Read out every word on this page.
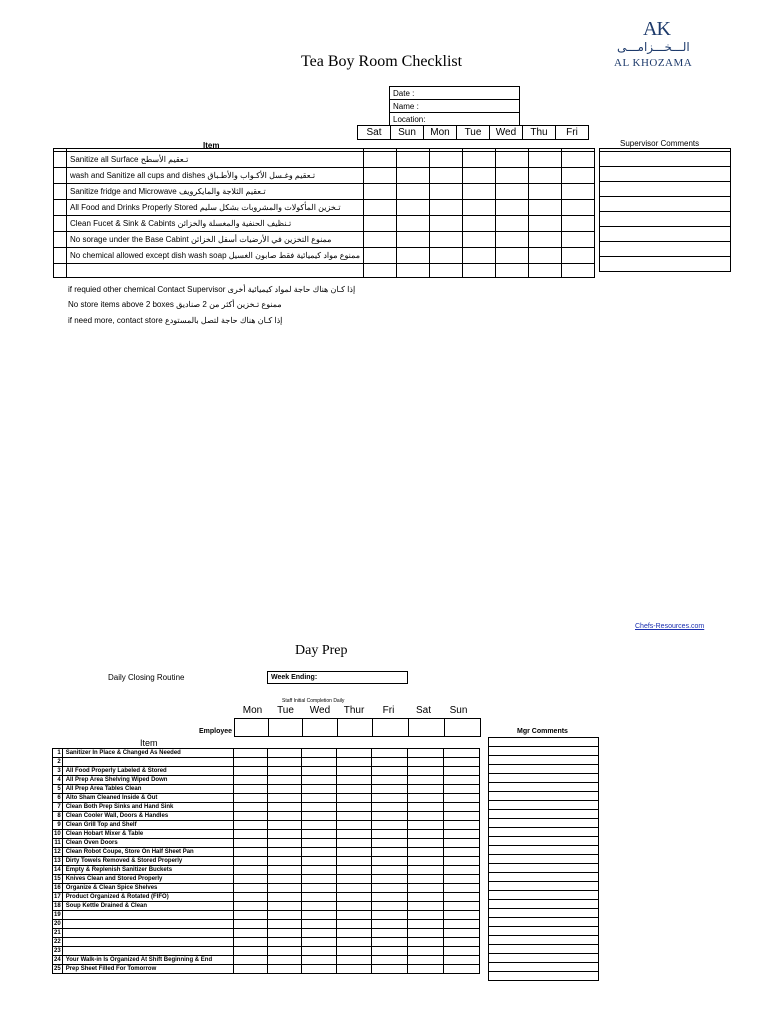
AK
الـــخـــزامـــى
AL KHOZAMA
Tea Boy Room Checklist
Date :
Name :
Location:
Sat	Sun	Mon	Tue	Wed	Thu	Fri
Item	Supervisor Comments

	Sanitize all Surface تـعقيم الأسطح							
	wash and Sanitize all cups and dishes تـعقيم وغـسل الأكـواب والأطـباق							
	Sanitize fridge and Microwave تـعقيم الثلاجة والمايكرويف							
	All Food and Drinks Properly Stored تـخزين المأكولات والمشروبات بشكل سليم							
	Clean Fucet & Sink & Cabints تـنظيف الحنفية والمغسلة والخزائن							
	No sorage under the Base Cabint ممنوع التخزين في الأرضيات أسفل الخزائن							
	No chemical allowed except dish wash soap ممنوع مواد كيميائية فقط صابون الغسيل							

if requied other chemical Contact Supervisor إذا كـان هناك حاجة لمواد كيميائية أخرى
No store items above 2 boxes ممنوع تـخزين أكثر من 2 صناديق
if need more, contact store إذا كـان هناك حاجة لتصل بالمستودع
Chefs-Resources.com
Day Prep
Daily Closing Routine	Week Ending:
Staff Initial Completion Daily
Mon	Tue	Wed	Thur	Fri	Sat	Sun
Employee
Item
Mgr Comments

1	Sanitizer In Place & Changed As Needed							
2								
3	All Food Properly Labeled & Stored							
4	All Prep Area Shelving Wiped Down							
5	All Prep Area Tables Clean							
6	Alto Sham Cleaned Inside & Out							
7	Clean Both Prep Sinks and Hand Sink							
8	Clean Cooler Wall, Doors & Handles							
9	Clean Grill Top and Shelf							
10	Clean Hobart Mixer & Table							
11	Clean Oven Doors							
12	Clean Robot Coupe, Store On Half Sheet Pan							
13	Dirty Towels Removed & Stored Properly							
14	Empty & Replenish Sanitizer Buckets							
15	Knives Clean and Stored Properly							
16	Organize & Clean Spice Shelves							
17	Product Organized & Rotated (FIFO)							
18	Soup Kettle Drained & Clean							
19								
20								
21								
22								
23								
24	Your Walk-in Is Organized At Shift Beginning & End							
25	Prep Sheet Filled For Tomorrow							
